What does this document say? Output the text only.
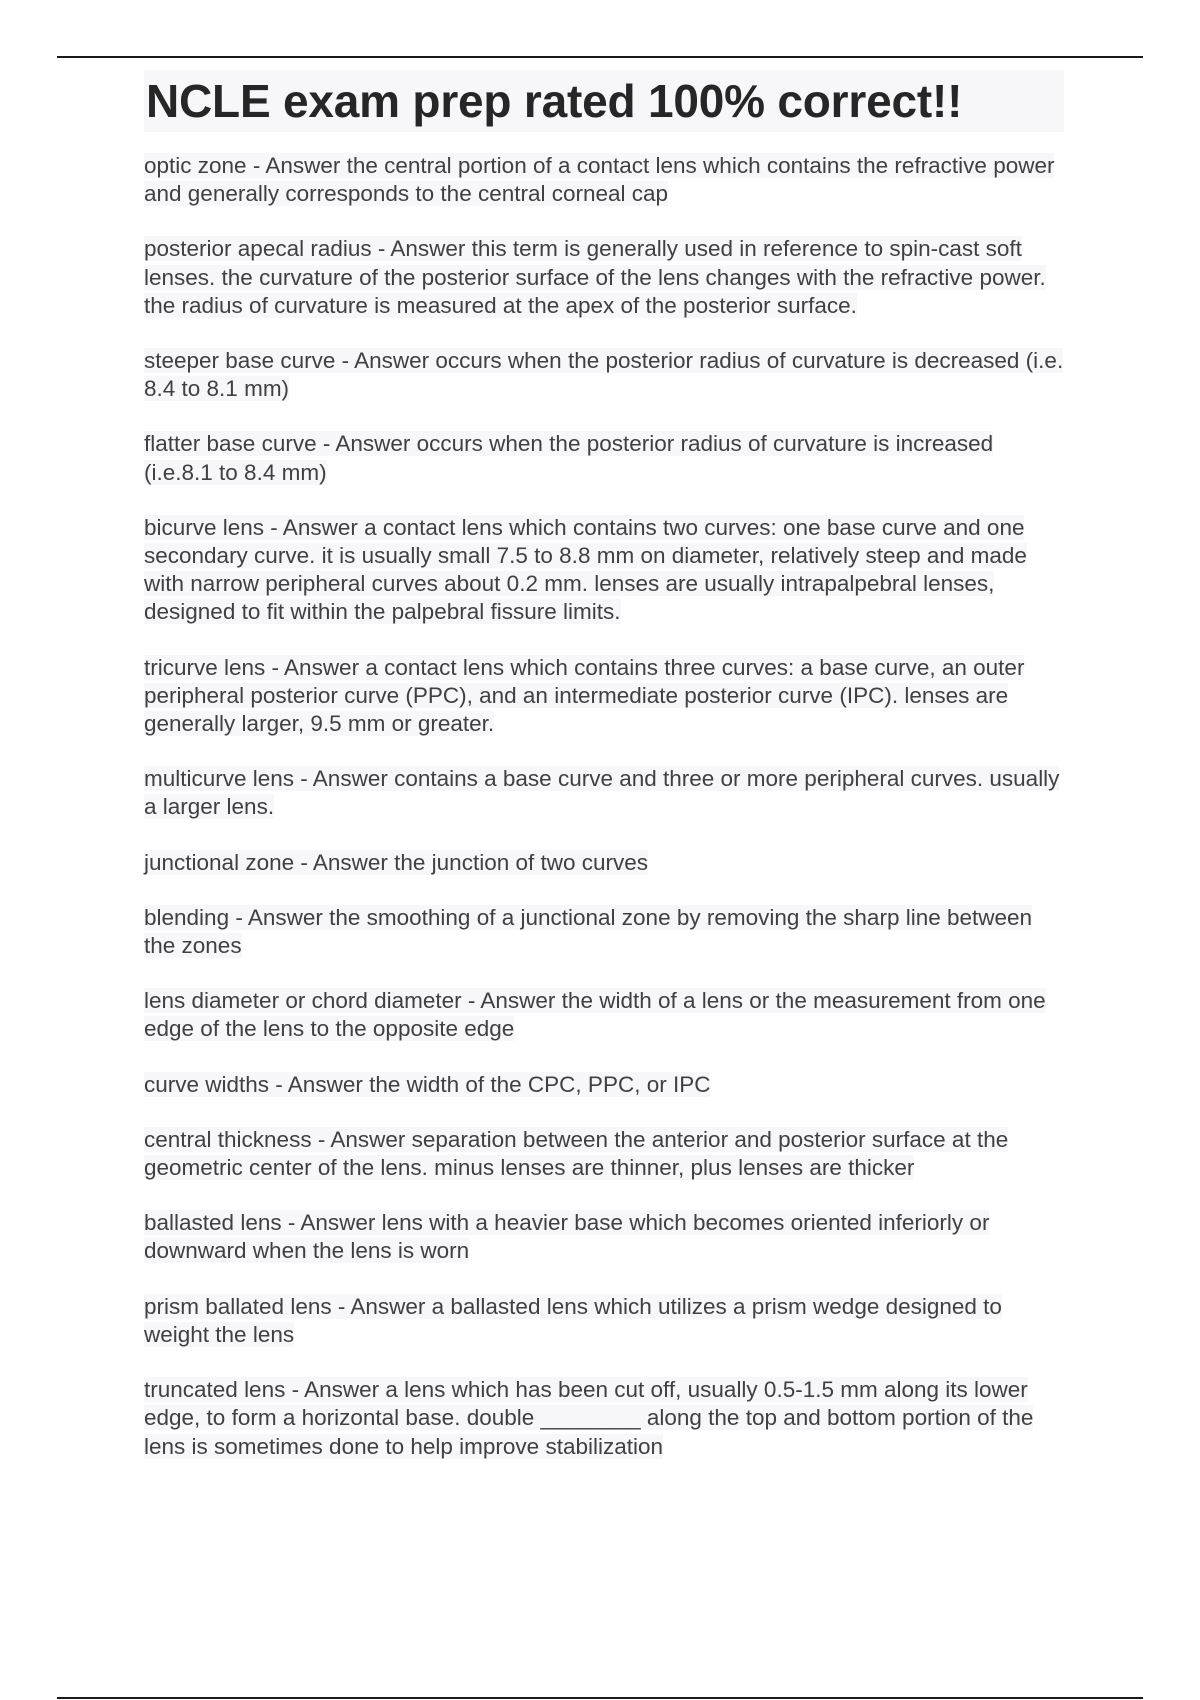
NCLE exam prep rated 100% correct!!
optic zone - Answer the central portion of a contact lens which contains the refractive power and generally corresponds to the central corneal cap
posterior apecal radius - Answer this term is generally used in reference to spin-cast soft lenses. the curvature of the posterior surface of the lens changes with the refractive power. the radius of curvature is measured at the apex of the posterior surface.
steeper base curve - Answer occurs when the posterior radius of curvature is decreased (i.e. 8.4 to 8.1 mm)
flatter base curve - Answer occurs when the posterior radius of curvature is increased (i.e.8.1 to 8.4 mm)
bicurve lens - Answer a contact lens which contains two curves: one base curve and one secondary curve. it is usually small 7.5 to 8.8 mm on diameter, relatively steep and made with narrow peripheral curves about 0.2 mm. lenses are usually intrapalpebral lenses, designed to fit within the palpebral fissure limits.
tricurve lens - Answer a contact lens which contains three curves: a base curve, an outer peripheral posterior curve (PPC), and an intermediate posterior curve (IPC). lenses are generally larger, 9.5 mm or greater.
multicurve lens - Answer contains a base curve and three or more peripheral curves. usually a larger lens.
junctional zone - Answer the junction of two curves
blending - Answer the smoothing of a junctional zone by removing the sharp line between the zones
lens diameter or chord diameter - Answer the width of a lens or the measurement from one edge of the lens to the opposite edge
curve widths - Answer the width of the CPC, PPC, or IPC
central thickness - Answer separation between the anterior and posterior surface at the geometric center of the lens. minus lenses are thinner, plus lenses are thicker
ballasted lens - Answer lens with a heavier base which becomes oriented inferiorly or downward when the lens is worn
prism ballated lens - Answer a ballasted lens which utilizes a prism wedge designed to weight the lens
truncated lens - Answer a lens which has been cut off, usually 0.5-1.5 mm along its lower edge, to form a horizontal base. double ________ along the top and bottom portion of the lens is sometimes done to help improve stabilization
